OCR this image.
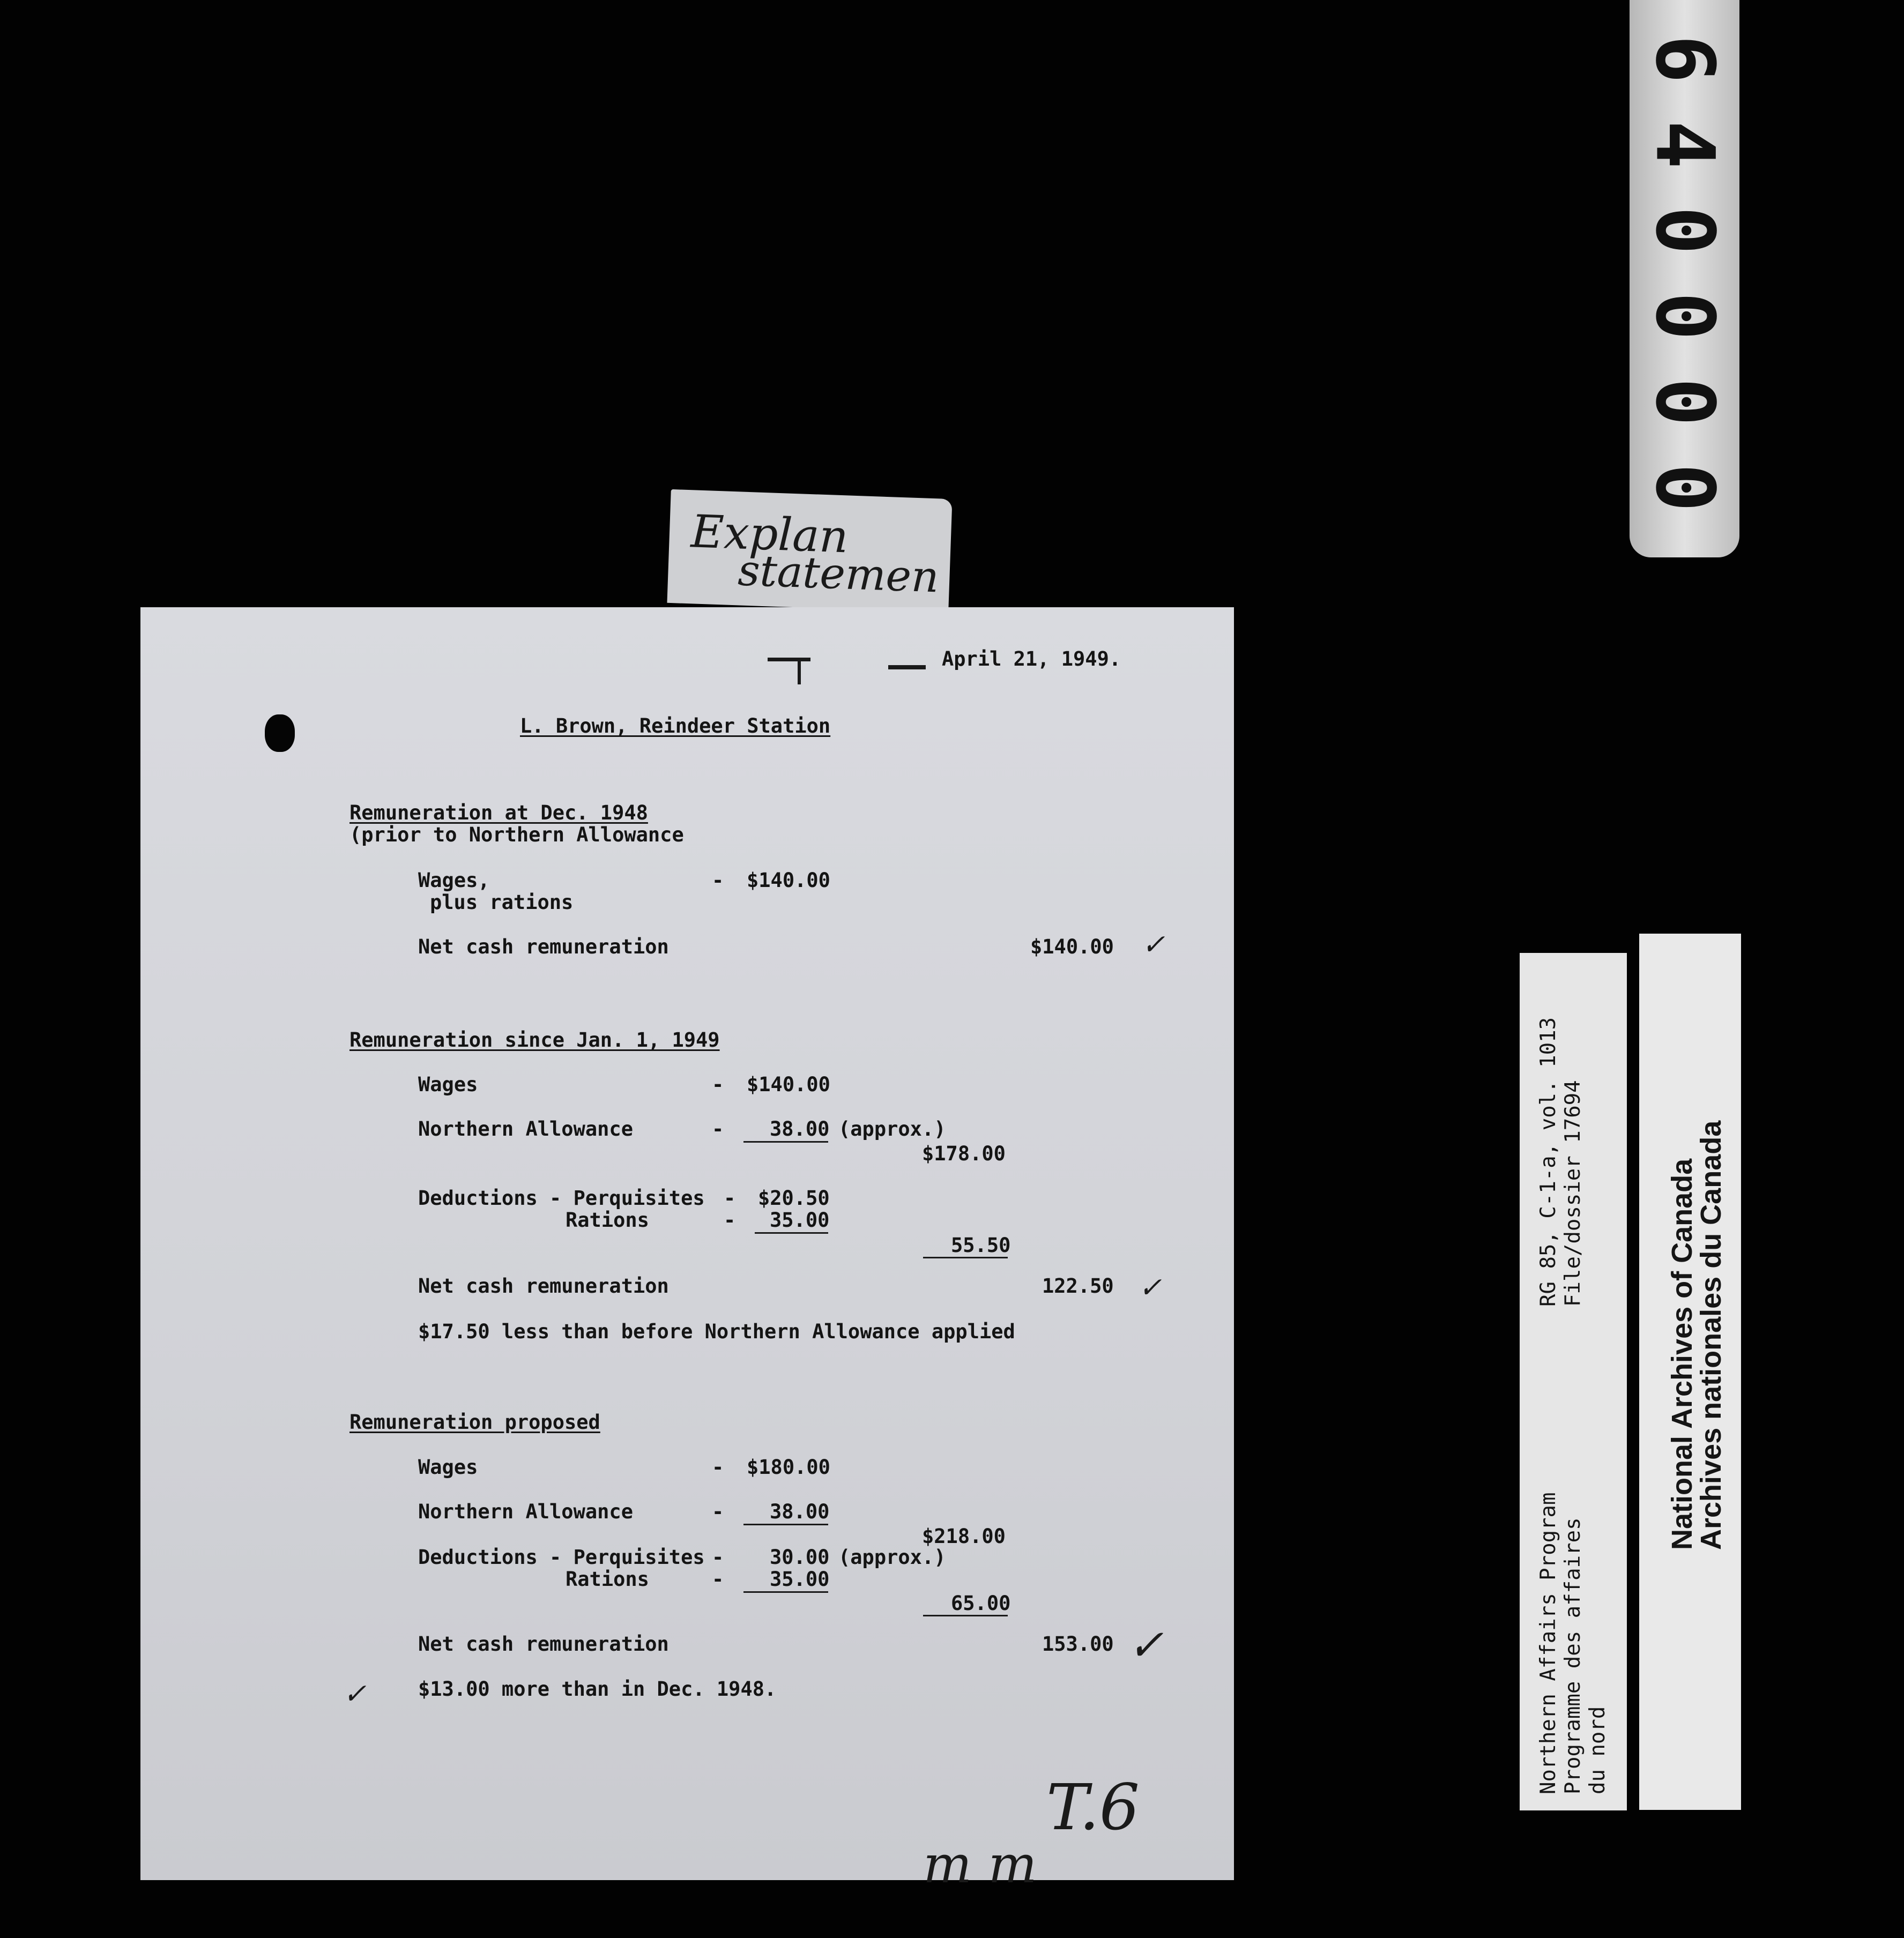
6
4
0
0
0
0
Explan
statemen
April 21, 1949.
L. Brown, Reindeer Station
Remuneration at Dec. 1948
(prior to Northern Allowance
Wages,	- $140.00
plus rations
Net cash remuneration	$140.00 ✓
Remuneration since Jan. 1, 1949
Wages	- $140.00
Northern Allowance	- 38.00 (approx.)
$178.00
Deductions - Perquisites - $20.50
Rations	- 35.00
55.50
Net cash remuneration	122.50 ✓
$17.50 less than before Northern Allowance applied
Remuneration proposed
Wages	- $180.00
Northern Allowance	- 38.00
$218.00
Deductions - Perquisites - 30.00 (approx.)
Rations	- 35.00
65.00
Net cash remuneration	153.00 ✓
✓	$13.00 more than in Dec. 1948.
T.6
m m
RG 85, C-1-a, vol. 1013 File/dossier 17694
Northern Affairs Program Programme des affaires du nord
National Archives of Canada
Archives nationales du Canada
